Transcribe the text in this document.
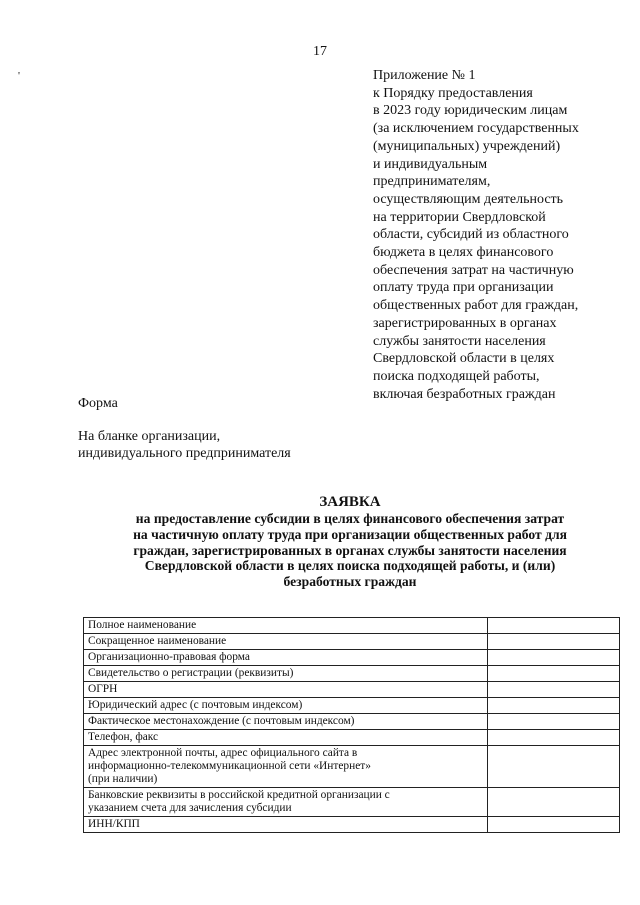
17
'	Приложение № 1
к Порядку предоставления
в 2023 году юридическим лицам
(за исключением государственных
(муниципальных) учреждений)
и индивидуальным
предпринимателям,
осуществляющим деятельность
на территории Свердловской
области, субсидий из областного
бюджета в целях финансового
обеспечения затрат на частичную
оплату труда при организации
общественных работ для граждан,
зарегистрированных в органах
службы занятости населения
Свердловской области в целях
поиска подходящей работы,
включая безработных граждан
Форма
На бланке организации,
индивидуального предпринимателя
ЗАЯВКА
на предоставление субсидии в целях финансового обеспечения затрат
на частичную оплату труда при организации общественных работ для
граждан, зарегистрированных в органах службы занятости населения
Свердловской области в целях поиска подходящей работы, и (или)
безработных граждан
Полное наименование	

Сокращенное наименование	

Организационно-правовая форма	

Свидетельство о регистрации (реквизиты)	

ОГРН	

Юридический адрес (с почтовым индексом)	

Фактическое местонахождение (с почтовым индексом)	

Телефон, факс	

Адрес электронной почты, адрес официального сайта в
информационно-телекоммуникационной сети «Интернет»
(при наличии)	

Банковские реквизиты в российской кредитной организации с
указанием счета для зачисления субсидии	

ИНН/КПП	
